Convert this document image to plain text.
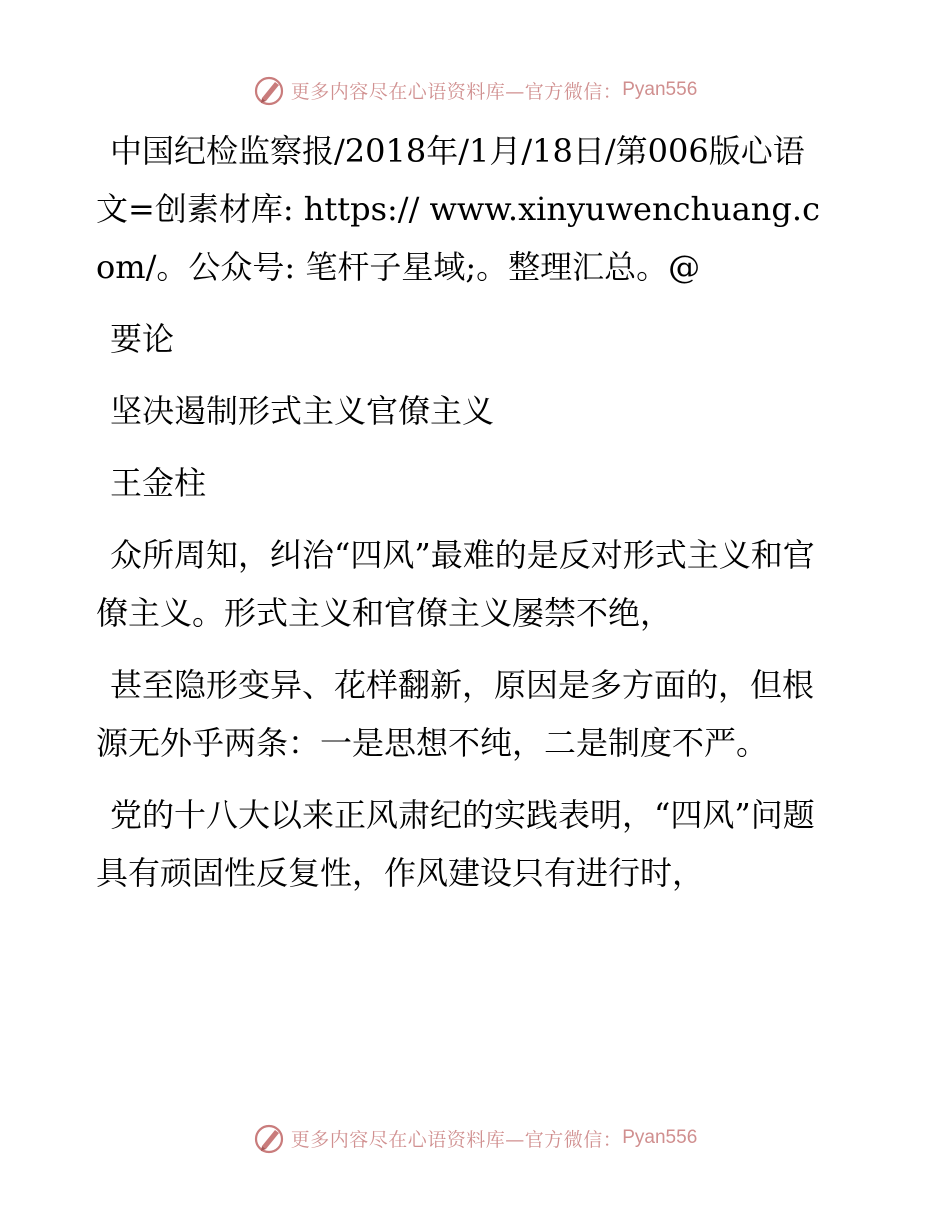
更多内容尽在心语资料库—官方微信： Pyan556

中国纪检监察报/2018年/1月/18日/第006版心语文=创素材库: https:// www.xinyuwenchuang.com/。公众号: 笔杆子星域;。整理汇总。@

要论

坚决遏制形式主义官僚主义

王金柱

众所周知，纠治“四风”最难的是反对形式主义和官僚主义。形式主义和官僚主义屡禁不绝，

甚至隐形变异、花样翻新，原因是多方面的，但根源无外乎两条：一是思想不纯，二是制度不严。

党的十八大以来正风肃纪的实践表明，“四风”问题具有顽固性反复性，作风建设只有进行时，

更多内容尽在心语资料库—官方微信： Pyan556
